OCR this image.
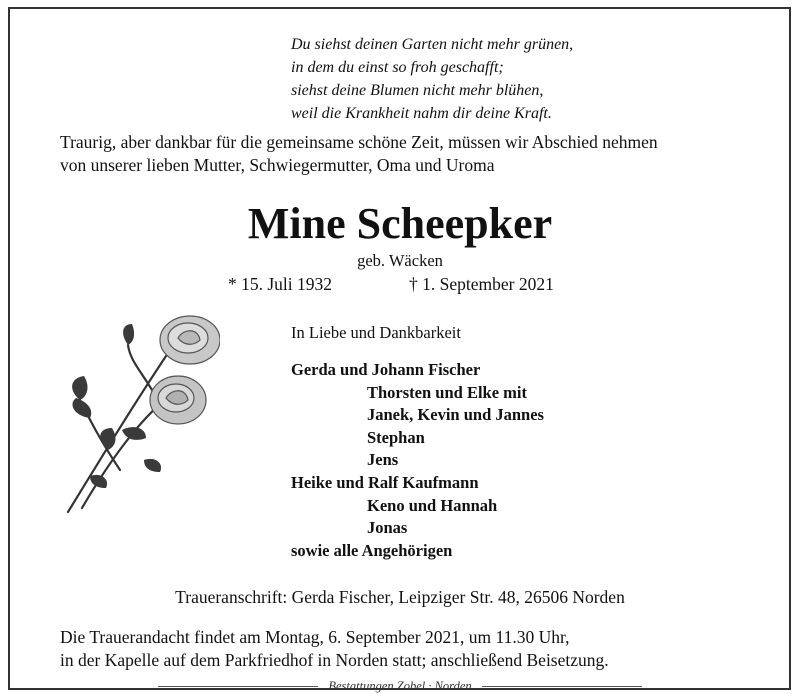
Du siehst deinen Garten nicht mehr grünen,
in dem du einst so froh geschafft;
siehst deine Blumen nicht mehr blühen,
weil die Krankheit nahm dir deine Kraft.
Traurig, aber dankbar für die gemeinsame schöne Zeit, müssen wir Abschied nehmen
von unserer lieben Mutter, Schwiegermutter, Oma und Uroma
Mine Scheepker
geb. Wäcken
* 15. Juli 1932	† 1. September 2021
In Liebe und Dankbarkeit
Gerda und Johann Fischer
Thorsten und Elke mit
Janek, Kevin und Jannes
Stephan
Jens
Heike und Ralf Kaufmann
Keno und Hannah
Jonas
sowie alle Angehörigen
Traueranschrift: Gerda Fischer, Leipziger Str. 48, 26506 Norden
Die Trauerandacht findet am Montag, 6. September 2021, um 11.30 Uhr,
in der Kapelle auf dem Parkfriedhof in Norden statt; anschließend Beisetzung.
Bestattungen Zobel · Norden
